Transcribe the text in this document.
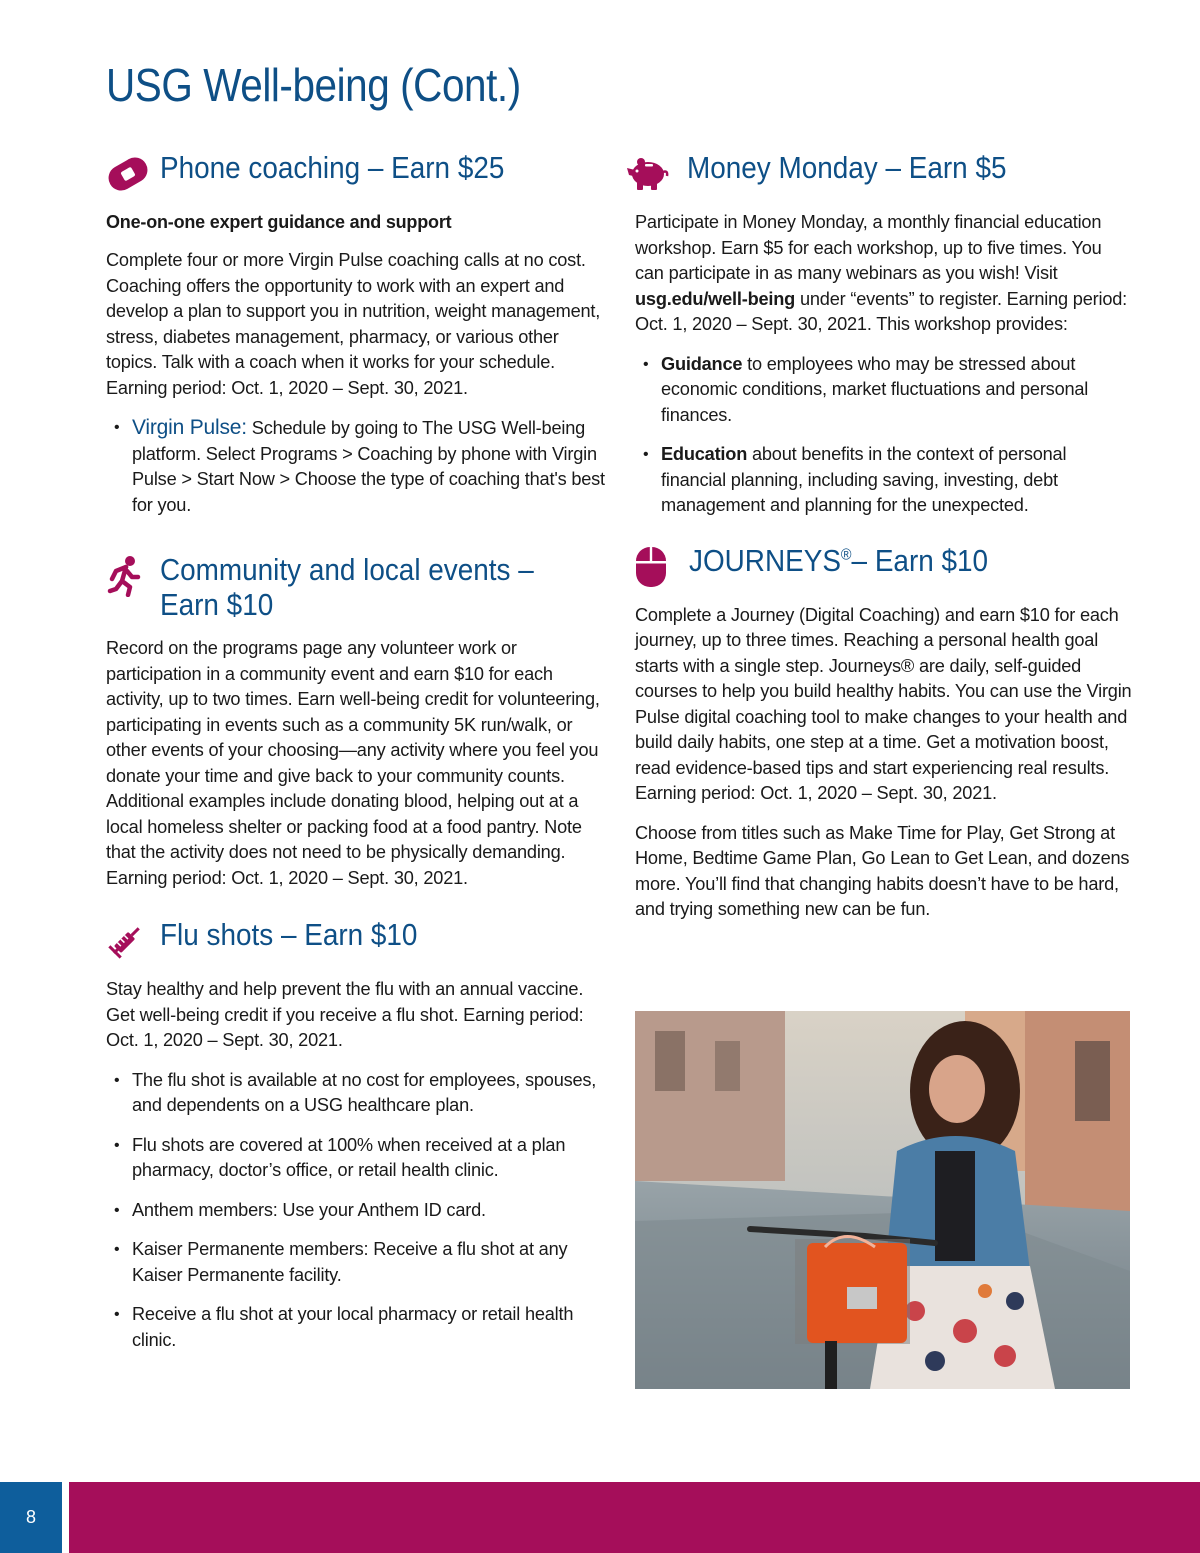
USG Well-being (Cont.)
Phone coaching – Earn $25

One-on-one expert guidance and support

Complete four or more Virgin Pulse coaching calls at no cost. Coaching offers the opportunity to work with an expert and develop a plan to support you in nutrition, weight management, stress, diabetes management, pharmacy, or various other topics. Talk with a coach when it works for your schedule. Earning period: Oct. 1, 2020 – Sept. 30, 2021.

• Virgin Pulse: Schedule by going to The USG Well-being platform. Select Programs > Coaching by phone with Virgin Pulse > Start Now > Choose the type of coaching that's best for you.
Community and local events –
Earn $10

Record on the programs page any volunteer work or participation in a community event and earn $10 for each activity, up to two times. Earn well-being credit for volunteering, participating in events such as a community 5K run/walk, or other events of your choosing—any activity where you feel you donate your time and give back to your community counts. Additional examples include donating blood, helping out at a local homeless shelter or packing food at a food pantry. Note that the activity does not need to be physically demanding. Earning period: Oct. 1, 2020 – Sept. 30, 2021.

Flu shots – Earn $10

Stay healthy and help prevent the flu with an annual vaccine. Get well-being credit if you receive a flu shot. Earning period: Oct. 1, 2020 – Sept. 30, 2021.

• The flu shot is available at no cost for employees, spouses, and dependents on a USG healthcare plan.
• Flu shots are covered at 100% when received at a plan pharmacy, doctor’s office, or retail health clinic.
• Anthem members: Use your Anthem ID card.
• Kaiser Permanente members: Receive a flu shot at any Kaiser Permanente facility.
• Receive a flu shot at your local pharmacy or retail health clinic.
Money Monday – Earn $5

Participate in Money Monday, a monthly financial education workshop. Earn $5 for each workshop, up to five times. You can participate in as many webinars as you wish! Visit usg.edu/well-being under “events” to register. Earning period: Oct. 1, 2020 – Sept. 30, 2021. This workshop provides:

• Guidance to employees who may be stressed about economic conditions, market fluctuations and personal finances.
• Education about benefits in the context of personal financial planning, including saving, investing, debt management and planning for the unexpected.
JOURNEYS®– Earn $10

Complete a Journey (Digital Coaching) and earn $10 for each journey, up to three times. Reaching a personal health goal starts with a single step. Journeys® are daily, self-guided courses to help you build healthy habits. You can use the Virgin Pulse digital coaching tool to make changes to your health and build daily habits, one step at a time. Get a motivation boost, read evidence-based tips and start experiencing real results. Earning period: Oct. 1, 2020 – Sept. 30, 2021.

Choose from titles such as Make Time for Play, Get Strong at Home, Bedtime Game Plan, Go Lean to Get Lean, and dozens more. You’ll find that changing habits doesn’t have to be hard, and trying something new can be fun.

8
